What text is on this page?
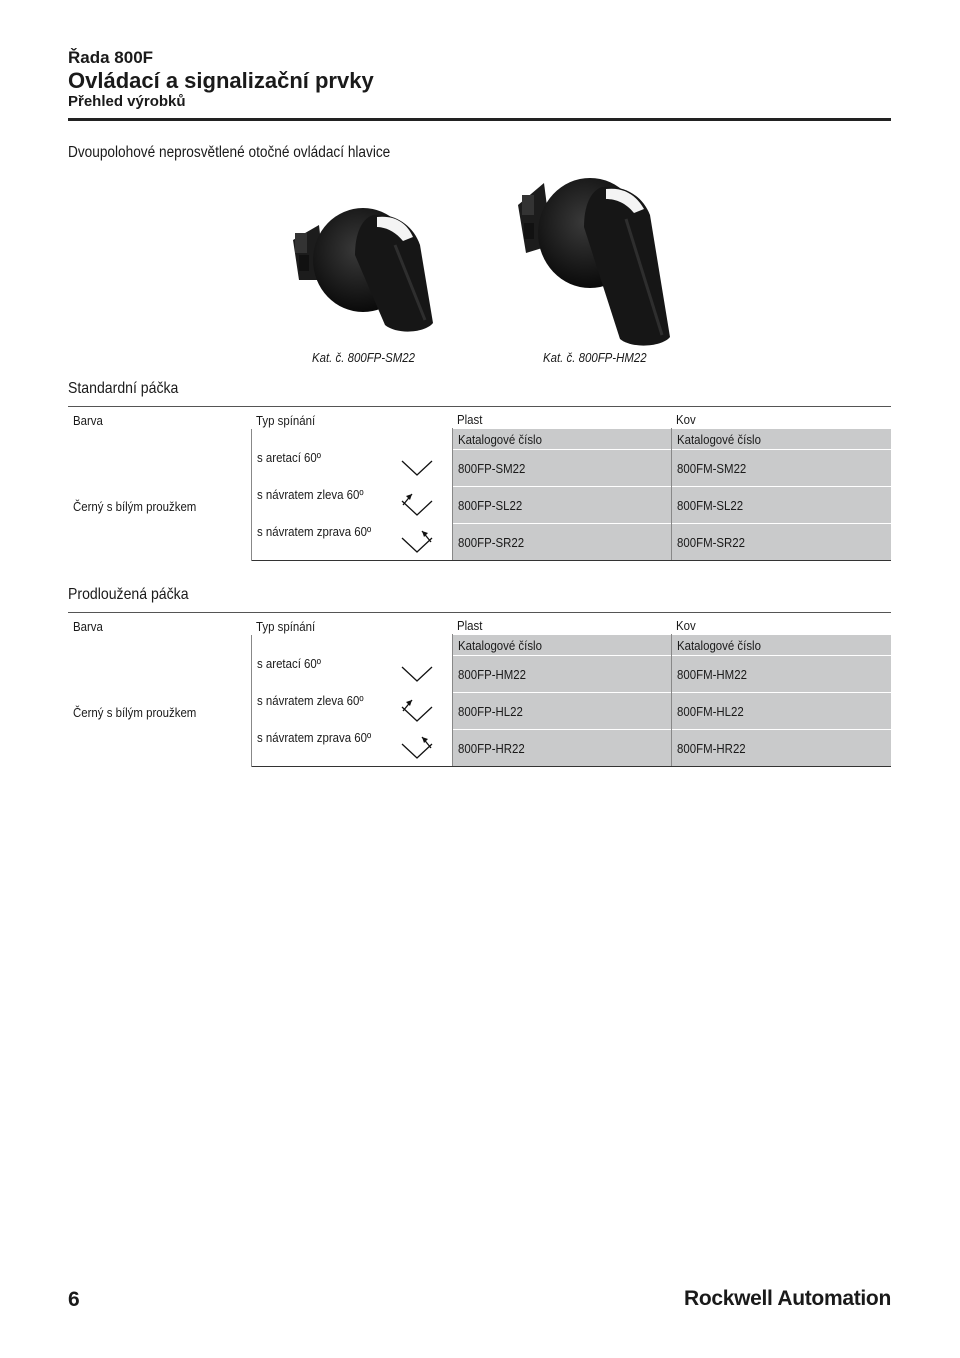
Řada 800F
Ovládací a signalizační prvky
Přehled výrobků
Dvoupolohové neprosvětlené otočné ovládací hlavice
Kat. č. 800FP-SM22	Kat. č. 800FP-HM22
Standardní páčka
Barva	Typ spínání	Plast	Kov
Černý s bílým proužkem		Katalogové číslo	Katalogové číslo

	s aretací 60º	800FP-SM22	800FM-SM22

	s návratem zleva 60º	800FP-SL22	800FM-SL22

	s návratem zprava 60º	800FP-SR22	800FM-SR22
Prodloužená páčka
Barva	Typ spínání	Plast	Kov
Černý s bílým proužkem		Katalogové číslo	Katalogové číslo

	s aretací 60º	800FP-HM22	800FM-HM22

	s návratem zleva 60º	800FP-HL22	800FM-HL22

	s návratem zprava 60º	800FP-HR22	800FM-HR22
6	Rockwell Automation
